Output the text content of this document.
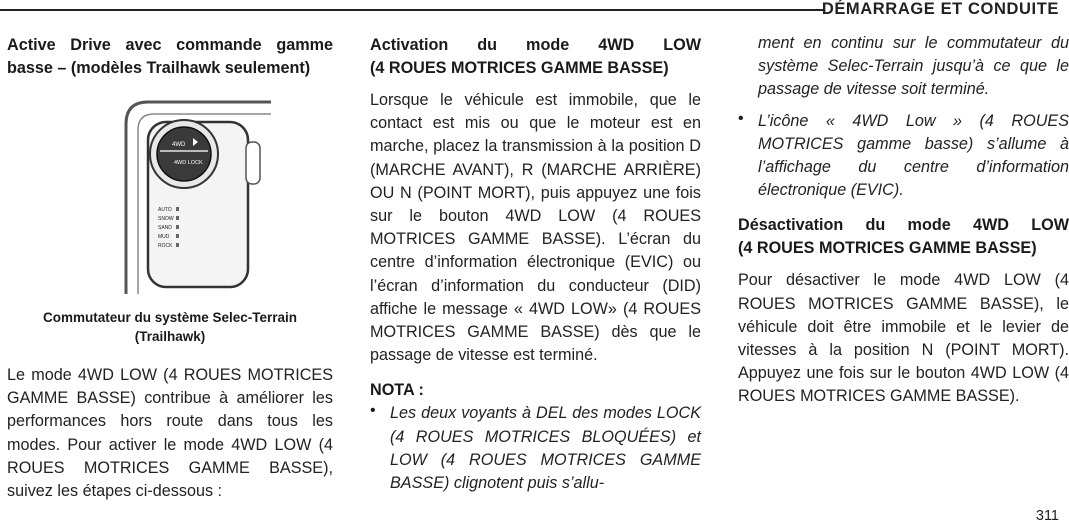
DÉMARRAGE ET CONDUITE

Active Drive avec commande gamme

basse – (modèles Trailhawk seulement)

4WD
4WD LOCK
AUTO
SNOW
SAND
MUD
ROCK
Commutateur du système Selec-Terrain
(Trailhawk)

Le mode 4WD LOW (4 ROUES MOTRICES GAMME BASSE) contribue à améliorer les performances hors route dans tous les modes. Pour activer le mode 4WD LOW (4 ROUES MOTRICES GAMME BASSE), suivez les étapes ci-dessous :

Activation du mode 4WD LOW

(4 ROUES MOTRICES GAMME BASSE)

Lorsque le véhicule est immobile, que le contact est mis ou que le moteur est en marche, placez la transmission à la position D (MARCHE AVANT), R (MARCHE ARRIÈRE) OU N (POINT MORT), puis appuyez une fois sur le bouton 4WD LOW (4 ROUES MOTRICES GAMME BASSE). L’écran du centre d’information électronique (EVIC) ou l’écran d’information du conducteur (DID) affiche le message « 4WD LOW» (4 ROUES MOTRICES GAMME BASSE) dès que le passage de vitesse est terminé.

NOTA :

• Les deux voyants à DEL des modes LOCK (4 ROUES MOTRICES BLOQUÉES) et LOW (4 ROUES MOTRICES GAMME BASSE) clignotent puis s’allu-

ment en continu sur le commutateur du système Selec-Terrain jusqu’à ce que le passage de vitesse soit terminé.

• L’icône « 4WD Low » (4 ROUES MOTRICES gamme basse) s’allume à l’affichage du centre d’information électronique (EVIC).

Désactivation du mode 4WD LOW

(4 ROUES MOTRICES GAMME BASSE)

Pour désactiver le mode 4WD LOW (4 ROUES MOTRICES GAMME BASSE), le véhicule doit être immobile et le levier de vitesses à la position N (POINT MORT). Appuyez une fois sur le bouton 4WD LOW (4 ROUES MOTRICES GAMME BASSE).

311
